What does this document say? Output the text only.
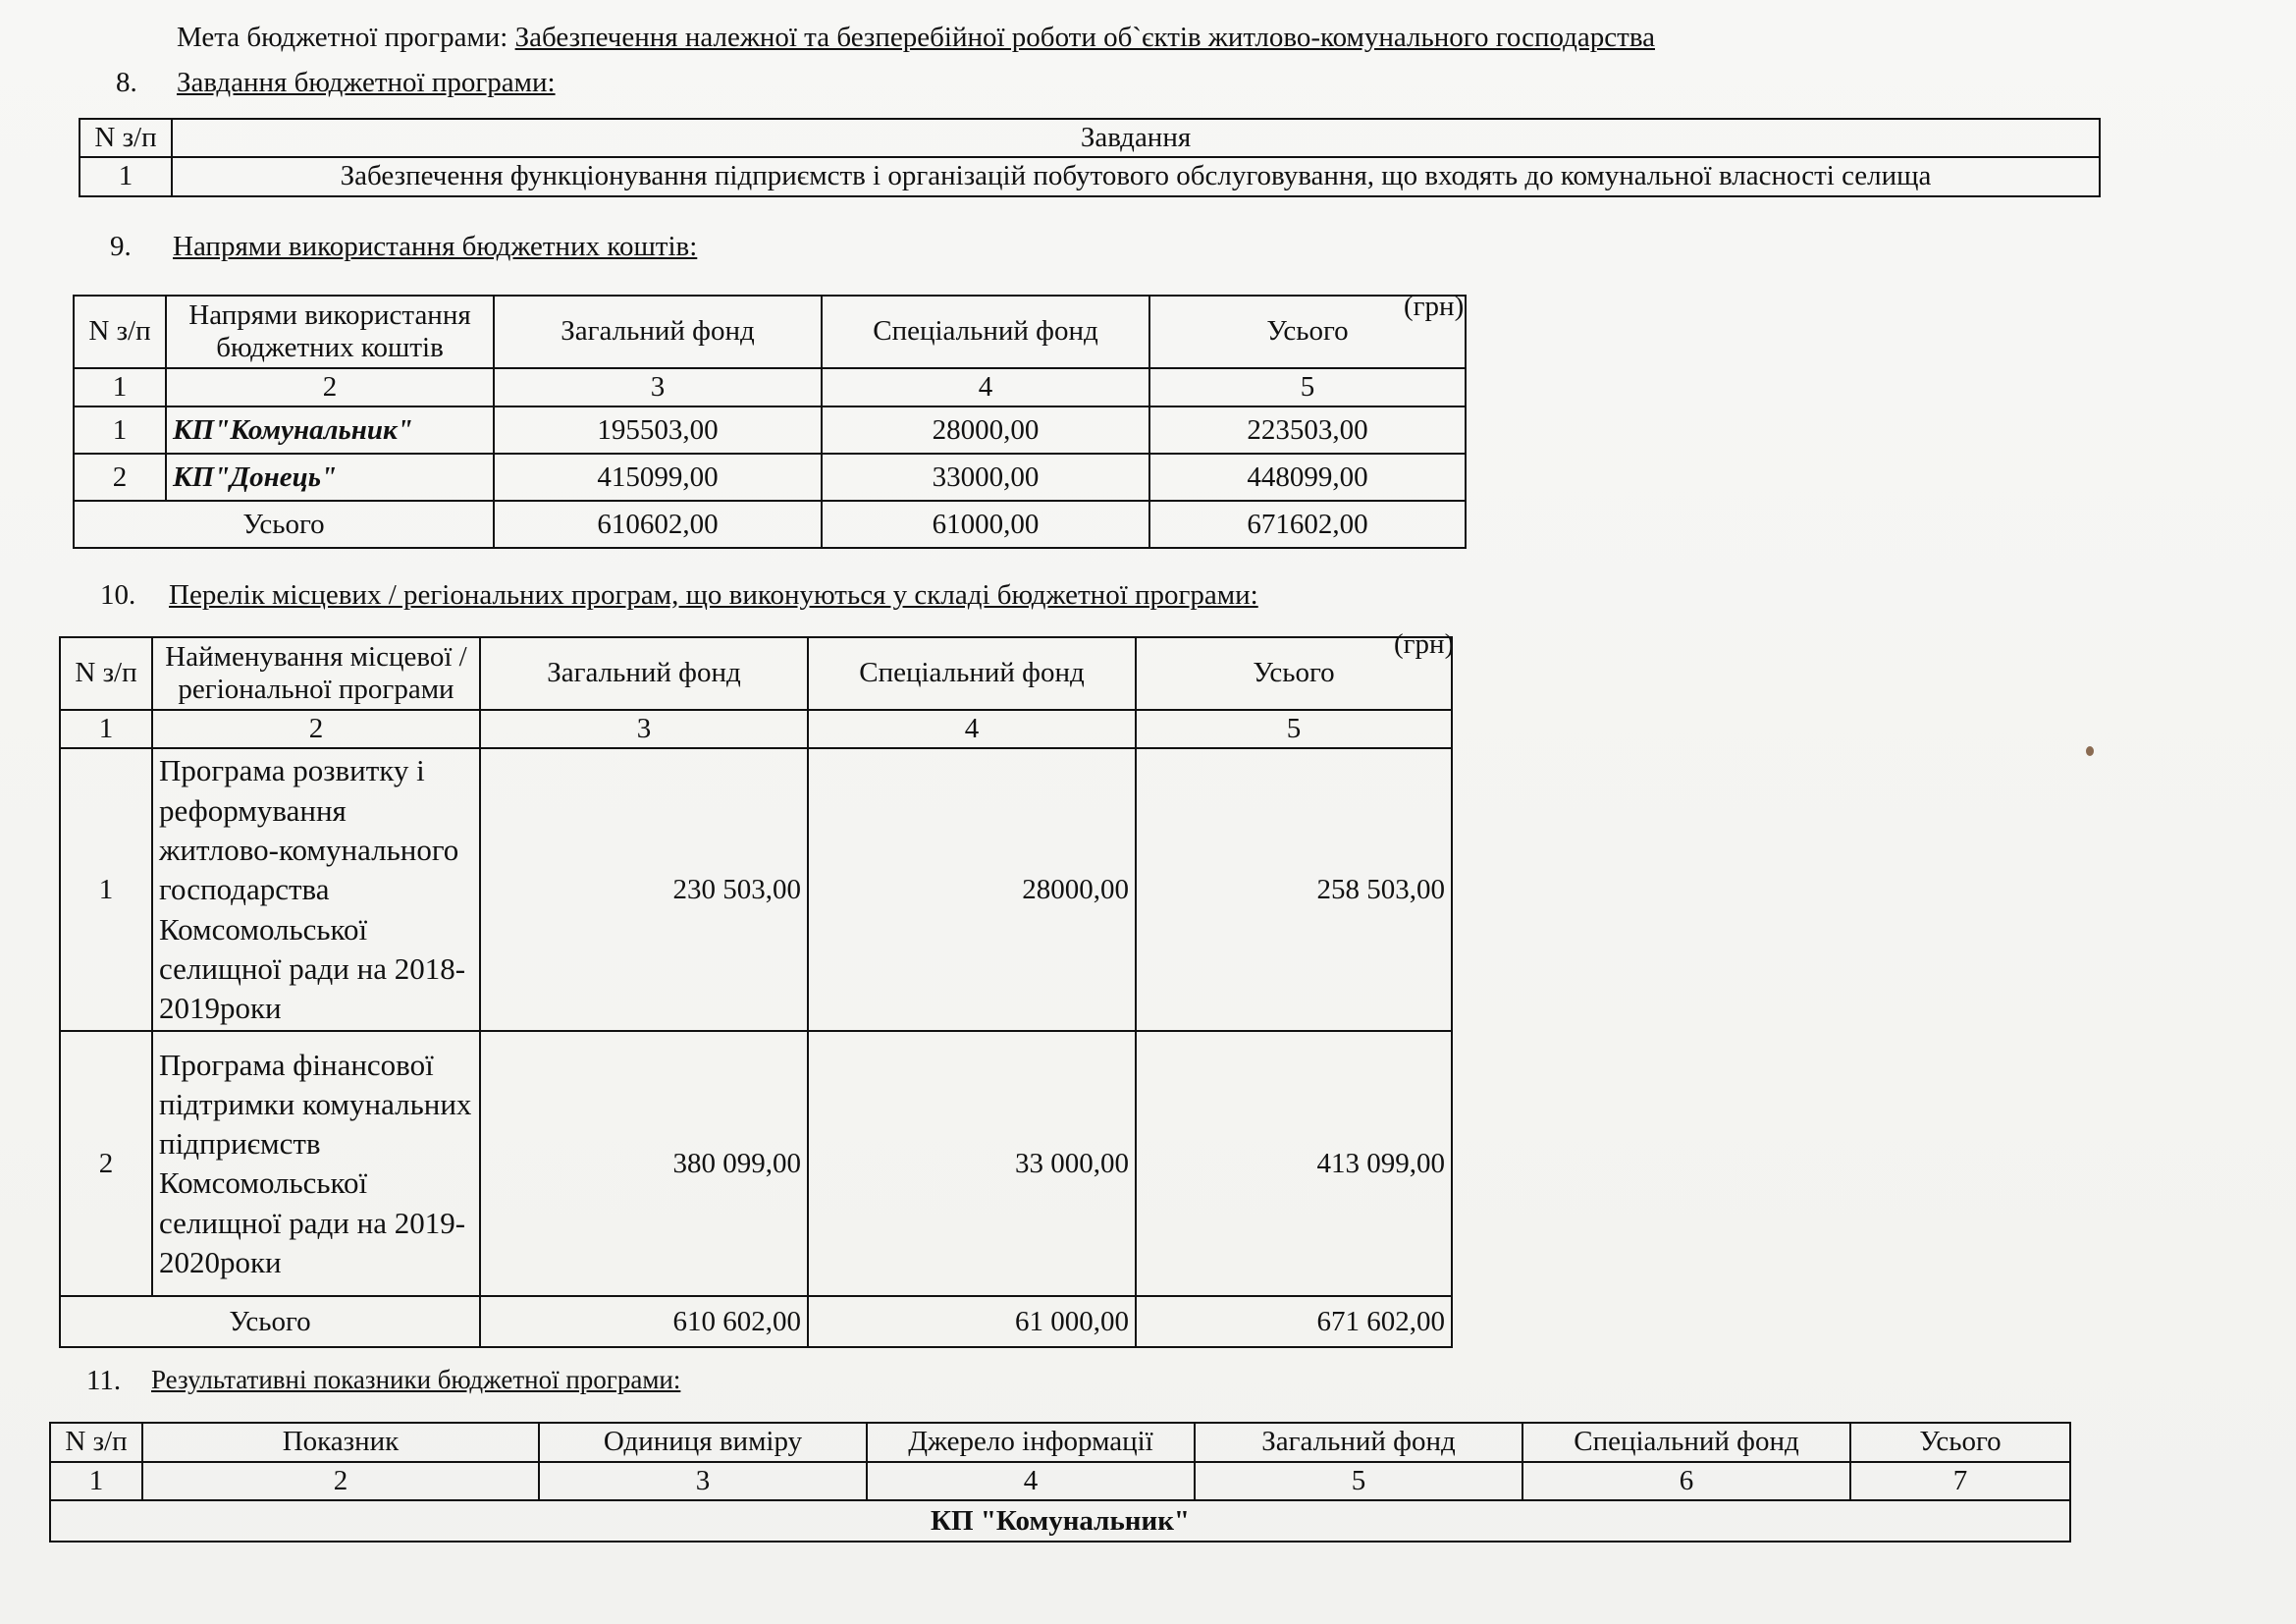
Мета бюджетної програми: Забезпечення належної та безперебійної роботи об`єктів житлово-комунального господарства
8. Завдання бюджетної програми:
N з/п	Завдання
1	Забезпечення функціонування підприємств і організацій побутового обслуговування, що входять до комунальної власності селища
9. Напрями використання бюджетних коштів:
(грн)
N з/п	Напрями використання бюджетних коштів	Загальний фонд	Спеціальний фонд	Усього
1	2	3	4	5
1	КП"Комунальник"	195503,00	28000,00	223503,00
2	КП"Донець"	415099,00	33000,00	448099,00
Усього		610602,00	61000,00	671602,00
10. Перелік місцевих / регіональних програм, що виконуються у складі бюджетної програми:
(грн)
N з/п	Найменування місцевої / регіональної програми	Загальний фонд	Спеціальний фонд	Усього
1	2	3	4	5
1	Програма розвитку і реформування житлово-комунального господарства Комсомольської селищної ради на 2018-2019роки	230 503,00	28000,00	258 503,00
2	Програма фінансової підтримки комунальних підприємств Комсомольської селищної ради на 2019-2020роки	380 099,00	33 000,00	413 099,00
Усього		610 602,00	61 000,00	671 602,00
11. Результативні показники бюджетної програми:
N з/п	Показник	Одиниця виміру	Джерело інформації	Загальний фонд	Спеціальний фонд	Усього
1	2	3	4	5	6	7
КП "Комунальник"						
